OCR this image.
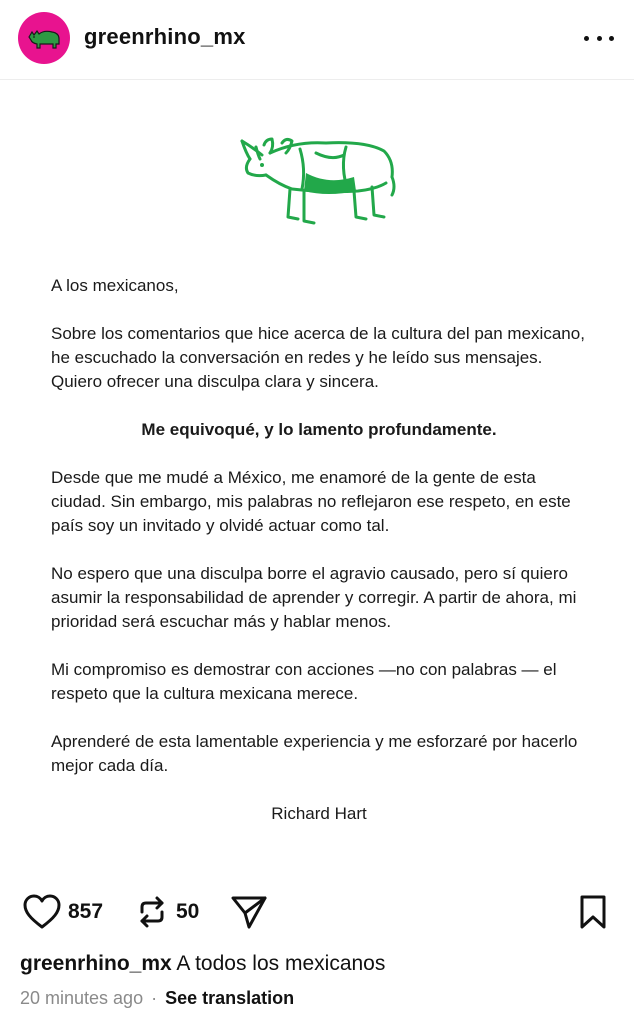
greenrhino_mx

A los mexicanos,

Sobre los comentarios que hice acerca de la cultura del pan mexicano, he escuchado la conversación en redes y he leído sus mensajes. Quiero ofrecer una disculpa clara y sincera.

Me equivoqué, y lo lamento profundamente.

Desde que me mudé a México, me enamoré de la gente de esta ciudad. Sin embargo, mis palabras no reflejaron ese respeto, en este país soy un invitado y olvidé actuar como tal.

No espero que una disculpa borre el agravio causado, pero sí quiero asumir la responsabilidad de aprender y corregir. A partir de ahora, mi prioridad será escuchar más y hablar menos.

Mi compromiso es demostrar con acciones —no con palabras — el respeto que la cultura mexicana merece.

Aprenderé de esta lamentable experiencia y me esforzaré por hacerlo mejor cada día.

Richard Hart

857	50
greenrhino_mx A todos los mexicanos
20 minutes ago · See translation
